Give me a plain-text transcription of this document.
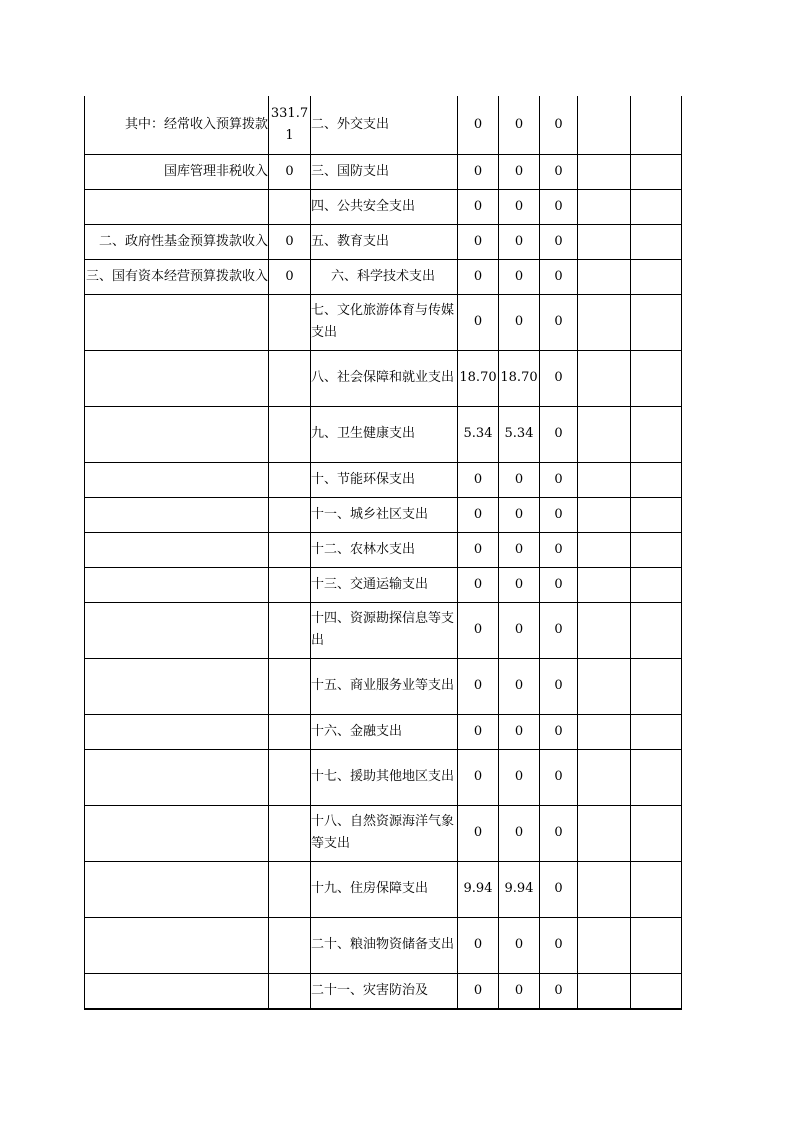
其中：经常收入预算拨款	331.71	二、外交支出	0	0	0		
国库管理非税收入	0	三、国防支出	0	0	0		
		四、公共安全支出	0	0	0		
二、政府性基金预算拨款收入	0	五、教育支出	0	0	0		
三、国有资本经营预算拨款收入	0	六、科学技术支出	0	0	0		
		七、文化旅游体育与传媒支出	0	0	0		
		八、社会保障和就业支出	18.70	18.70	0		
		九、卫生健康支出	5.34	5.34	0		
		十、节能环保支出	0	0	0		
		十一、城乡社区支出	0	0	0		
		十二、农林水支出	0	0	0		
		十三、交通运输支出	0	0	0		
		十四、资源勘探信息等支出	0	0	0		
		十五、商业服务业等支出	0	0	0		
		十六、金融支出	0	0	0		
		十七、援助其他地区支出	0	0	0		
		十八、自然资源海洋气象等支出	0	0	0		
		十九、住房保障支出	9.94	9.94	0		
		二十、粮油物资储备支出	0	0	0		
		二十一、灾害防治及	0	0	0		
